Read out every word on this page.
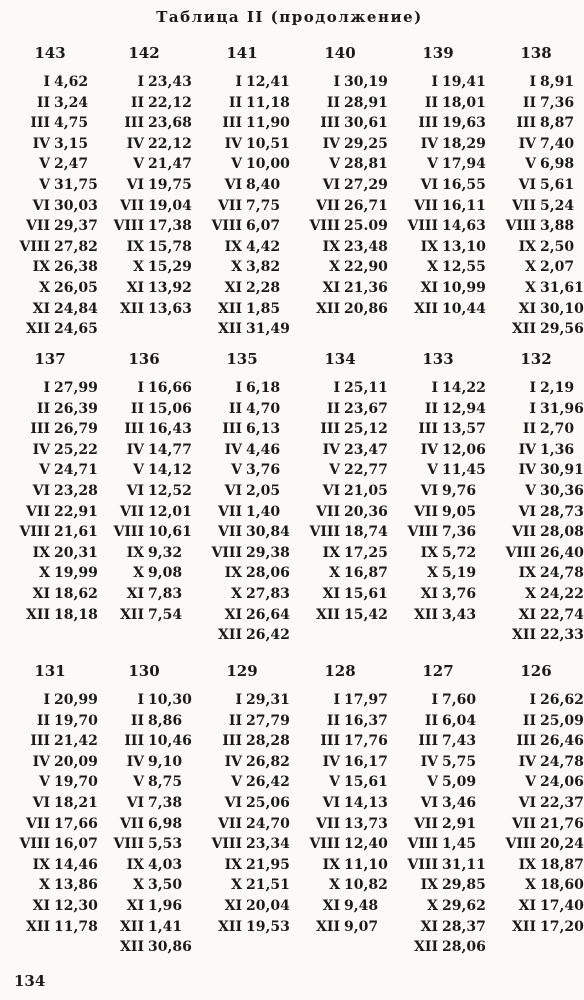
Таблица II (продолжение)
143
I 4,62
II 3,24
III 4,75
IV 3,15
V 2,47
V 31,75
VI 30,03
VII 29,37
VIII 27,82
IX 26,38
X 26,05
XI 24,84
XII 24,65
142
I 23,43
II 22,12
III 23,68
IV 22,12
V 21,47
VI 19,75
VII 19,04
VIII 17,38
IX 15,78
X 15,29
XI 13,92
XII 13,63
141
I 12,41
II 11,18
III 11,90
IV 10,51
V 10,00
VI 8,40
VII 7,75
VIII 6,07
IX 4,42
X 3,82
XI 2,28
XII 1,85
XII 31,49
140
I 30,19
II 28,91
III 30,61
IV 29,25
V 28,81
VI 27,29
VII 26,71
VIII 25.09
IX 23,48
X 22,90
XI 21,36
XII 20,86
139
I 19,41
II 18,01
III 19,63
IV 18,29
V 17,94
VI 16,55
VII 16,11
VIII 14,63
IX 13,10
X 12,55
XI 10,99
XII 10,44
138
I 8,91
II 7,36
III 8,87
IV 7,40
V 6,98
VI 5,61
VII 5,24
VIII 3,88
IX 2,50
X 2,07
X 31,61
XI 30,10
XII 29,56
137
I 27,99
II 26,39
III 26,79
IV 25,22
V 24,71
VI 23,28
VII 22,91
VIII 21,61
IX 20,31
X 19,99
XI 18,62
XII 18,18
136
I 16,66
II 15,06
III 16,43
IV 14,77
V 14,12
VI 12,52
VII 12,01
VIII 10,61
IX 9,32
X 9,08
XI 7,83
XII 7,54
135
I 6,18
II 4,70
III 6,13
IV 4,46
V 3,76
VI 2,05
VII 1,40
VII 30,84
VIII 29,38
IX 28,06
X 27,83
XI 26,64
XII 26,42
134
I 25,11
II 23,67
III 25,12
IV 23,47
V 22,77
VI 21,05
VII 20,36
VIII 18,74
IX 17,25
X 16,87
XI 15,61
XII 15,42
133
I 14,22
II 12,94
III 13,57
IV 12,06
V 11,45
VI 9,76
VII 9,05
VIII 7,36
IX 5,72
X 5,19
XI 3,76
XII 3,43
132
I 2,19
I 31,96
II 2,70
IV 1,36
IV 30,91
V 30,36
VI 28,73
VII 28,08
VIII 26,40
IX 24,78
X 24,22
XI 22,74
XII 22,33
131
I 20,99
II 19,70
III 21,42
IV 20,09
V 19,70
VI 18,21
VII 17,66
VIII 16,07
IX 14,46
X 13,86
XI 12,30
XII 11,78
130
I 10,30
II 8,86
III 10,46
IV 9,10
V 8,75
VI 7,38
VII 6,98
VIII 5,53
IX 4,03
X 3,50
XI 1,96
XII 1,41
XII 30,86
129
I 29,31
II 27,79
III 28,28
IV 26,82
V 26,42
VI 25,06
VII 24,70
VIII 23,34
IX 21,95
X 21,51
XI 20,04
XII 19,53
128
I 17,97
II 16,37
III 17,76
IV 16,17
V 15,61
VI 14,13
VII 13,73
VIII 12,40
IX 11,10
X 10,82
XI 9,48
XII 9,07
127
I 7,60
II 6,04
III 7,43
IV 5,75
V 5,09
VI 3,46
VII 2,91
VIII 1,45
VIII 31,11
IX 29,85
X 29,62
XI 28,37
XII 28,06
126
I 26,62
II 25,09
III 26,46
IV 24,78
V 24,06
VI 22,37
VII 21,76
VIII 20,24
IX 18,87
X 18,60
XI 17,40
XII 17,20
134
